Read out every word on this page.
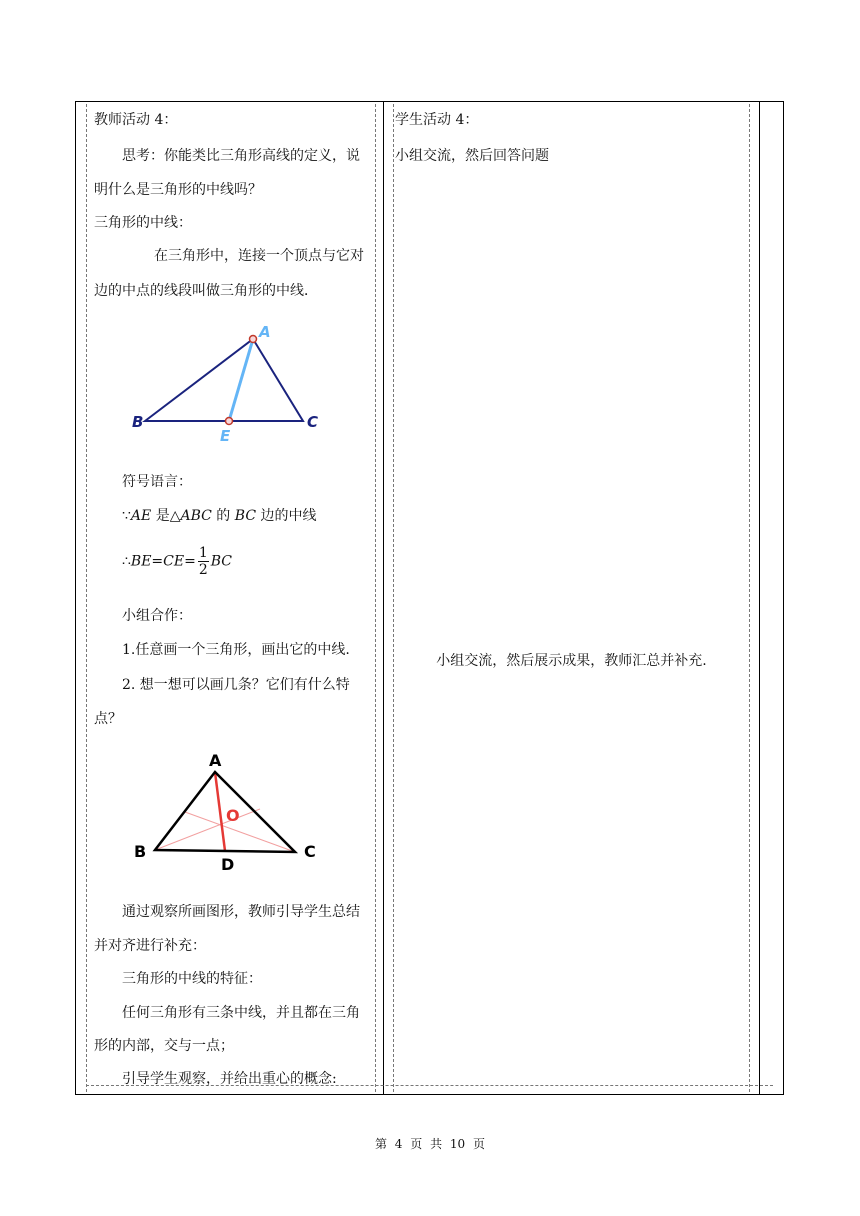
教师活动 4：
思考：你能类比三角形高线的定义，说
明什么是三角形的中线吗？
三角形的中线：
在三角形中，连接一个顶点与它对
边的中点的线段叫做三角形的中线．
A
B	C
E
符号语言：
∵AE 是△ABC 的 BC 边的中线
∴BE=CE= $\frac{1}{2}$ BC
小组合作：
1.任意画一个三角形，画出它的中线.
2. 想一想可以画几条？它们有什么特
点？
A
B	C
D
O
通过观察所画图形，教师引导学生总结
并对齐进行补充：
三角形的中线的特征：
任何三角形有三条中线，并且都在三角
形的内部，交与一点；
引导学生观察，并给出重心的概念:
学生活动 4：
小组交流，然后回答问题
小组交流，然后展示成果，教师汇总并补充.
第 4 页 共 10 页
